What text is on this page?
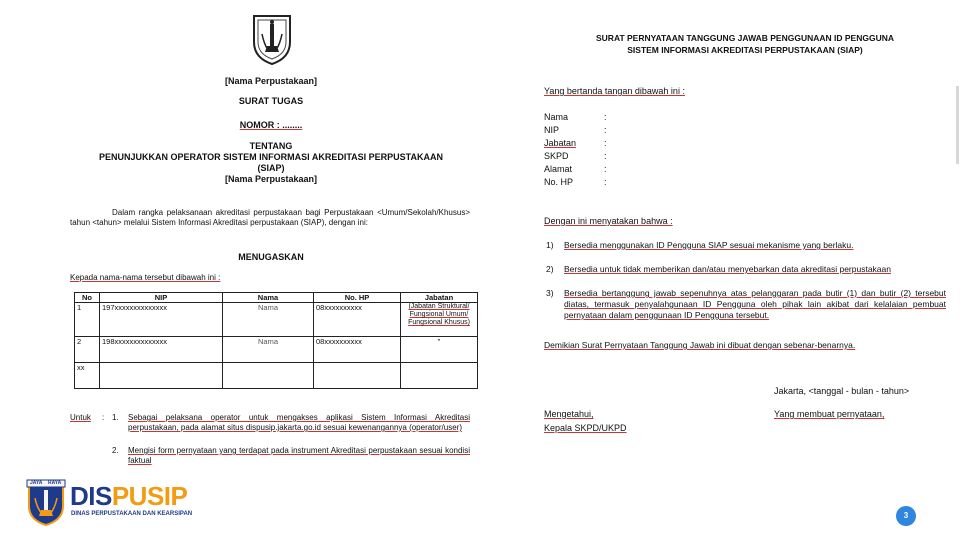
[Nama Perpustakaan]
SURAT TUGAS
NOMOR : ........
TENTANG
PENUNJUKKAN OPERATOR SISTEM INFORMASI AKREDITASI PERPUSTAKAAN
(SIAP)
[Nama Perpustakaan]
Dalam rangka pelaksanaan akreditasi perpustakaan bagi Perpustakaan <Umum/Sekolah/Khusus> tahun <tahun> melalui Sistem Informasi Akreditasi perpustakaan (SIAP), dengan ini:
MENUGASKAN
Kepada nama-nama tersebut dibawah ini :
No	NIP	Nama	No. HP	Jabatan
1	197xxxxxxxxxxxxxx	Nama	08xxxxxxxxxx	(Jabatan Struktural/ Fungsional Umum/ Fungsional Khusus)
2	198xxxxxxxxxxxxxx	Nama	08xxxxxxxxxx	"
xx				
Untuk : 1. Sebagai pelaksana operator untuk mengakses aplikasi Sistem Informasi Akreditasi perpustakaan, pada alamat situs dispusip.jakarta.go.id sesuai kewenangannya (operator/user)
2. Mengisi form pernyataan yang terdapat pada instrument Akreditasi perpustakaan sesuai kondisi faktual
SURAT PERNYATAAN TANGGUNG JAWAB PENGGUNAAN ID PENGGUNA
SISTEM INFORMASI AKREDITASI PERPUSTAKAAN (SIAP)
Yang bertanda tangan dibawah ini :
Nama	:
NIP	:
Jabatan	:
SKPD	:
Alamat	:
No. HP	:
Dengan ini menyatakan bahwa :
1)	Bersedia menggunakan ID Pengguna SIAP sesuai mekanisme yang berlaku.
2)	Bersedia untuk tidak memberikan dan/atau menyebarkan data akreditasi perpustakaan
3)	Bersedia bertanggung jawab sepenuhnya atas pelanggaran pada butir (1) dan butir (2) tersebut diatas, termasuk penyalahgunaan ID Pengguna oleh pihak lain akibat dari kelalaian pembuat pernyataan dalam penggunaan ID Pengguna tersebut.
Demikian Surat Pernyataan Tanggung Jawab ini dibuat dengan sebenar-benarnya.
Jakarta, <tanggal - bulan - tahun>
Mengetahui,
Kepala SKPD/UKPD
Yang membuat pernyataan,
JAYA RAYA DISPUSIP
DINAS PERPUSTAKAAN DAN KEARSIPAN	3
